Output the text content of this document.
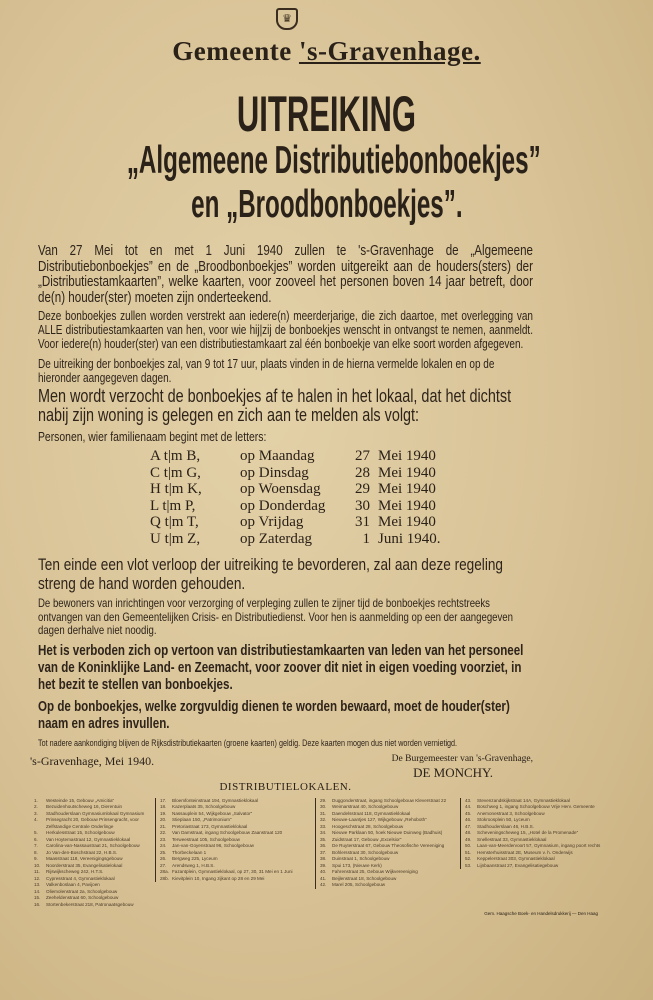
♛
Gemeente 's-Gravenhage.
UITREIKING
„Algemeene Distributiebonboekjes”
en „Broodbonboekjes”.
Van 27 Mei tot en met 1 Juni 1940 zullen te 's-Gravenhage de „Algemeene Distributiebonboekjes” en de „Broodbonboekjes” worden uitgereikt aan de houders(sters) der „Distributiestamkaarten”, welke kaarten, voor zooveel het personen boven 14 jaar betreft, door de(n) houder(ster) moeten zijn onderteekend.
Deze bonboekjes zullen worden verstrekt aan iedere(n) meerderjarige, die zich daartoe, met overlegging van ALLE distributiestamkaarten van hen, voor wie hij|zij de bonboekjes wenscht in ontvangst te nemen, aanmeldt. Voor iedere(n) houder(ster) van een distributiestamkaart zal één bonboekje van elke soort worden afgegeven.
De uitreiking der bonboekjes zal, van 9 tot 17 uur, plaats vinden in de hierna vermelde lokalen en op de hieronder aangegeven dagen.
Men wordt verzocht de bonboekjes af te halen in het lokaal, dat het dichtst nabij zijn woning is gelegen en zich aan te melden als volgt:
Personen, wier familienaam begint met de letters:
A t|m B,	op Maandag	27 Mei 1940
C t|m G,	op Dinsdag	28 Mei 1940
H t|m K,	op Woensdag	29 Mei 1940
L t|m P,	op Donderdag	30 Mei 1940
Q t|m T,	op Vrijdag	31 Mei 1940
U t|m Z,	op Zaterdag	1 Juni 1940.
Ten einde een vlot verloop der uitreiking te bevorderen, zal aan deze regeling streng de hand worden gehouden.
De bewoners van inrichtingen voor verzorging of verpleging zullen te zijner tijd de bonboekjes rechtstreeks ontvangen van den Gemeentelijken Crisis- en Distributiedienst. Voor hen is aanmelding op een der aangegeven dagen derhalve niet noodig.
Het is verboden zich op vertoon van distributiestamkaarten van leden van het personeel van de Koninklijke Land- en Zeemacht, voor zoover dit niet in eigen voeding voorziet, in het bezit te stellen van bonboekjes.
Op de bonboekjes, welke zorgvuldig dienen te worden bewaard, moet de houder(ster) naam en adres invullen.
Tot nadere aankondiging blijven de Rijksdistributiekaarten (groene kaarten) geldig. Deze kaarten mogen dus niet worden vernietigd.
's-Gravenhage, Mei 1940.	De Burgemeester van 's-Gravenhage,
DE MONCHY.
DISTRIBUTIELOKALEN.
1.	Westeinde 15, Gebouw „Amicitia”
2.	Bezuidenhoutscheweg 16, Dierentuin
3.	Stadhouderslaan Gymnasiumlokaal Gymnasium
4.	Prinsegracht 20, Gebouw Prinsengracht, voor Zelfstandige Centrale Onderlinge
5.	Herkulesstraat 15, Schoolgebouw
6.	Van Hoytemastraat 12, Gymnastieklokaal
7.	Carolina-van-Nassaustraat 21, Schoolgebouw
8.	Jo Van-den-Boschstraat 22, H.B.S.
9.	Maasstraat 118, Vereenigingsgebouw
10.	Noorderstraat 35, Evangelisatielokaal
11.	Rijswijkscheweg 242, H.T.S.
12.	Cypresstraat 4, Gymnastieklokaal
13.	Valkenboslaan 4, Pavijoen
14.	Oliemolenstraat 2a, Schoolgebouw
15.	Zeeheldenstraat 60, Schoolgebouw
16.	Stortenbekerstraat 218, Patronaatsgebouw
17.	Bloemfonteinstraat 194, Gymnastieklokaal
18.	Kazerplaats 35, Schoolgebouw
19.	Nassauplein 54, Wijkgebouw „Salvator”
20.	Stieplaan 150, „Patrimonium”
21.	Pretoriastraat 173, Gymnastieklokaal
22.	Van Damstraat, ingang Schoolgebouw Zaanstraat 120
23.	Terweestraat 105, Schoolgebouw
24.	Jan-van-Goyenstraat 96, Schoolgebouw
25.	Thorbeckelaan 1
26.	Bergweg 225, Lyceum
27.	Arendsweg 1, H.B.S.
28a. Fazantplein, Gymnastieklokaal, op 27, 30, 31 Mei en 1 Juni
28b. Kievitplein 10, Ingang zijkant op 28 en 29 Mei
29.	Duggonderstraat, ingang Schoolgebouw Kleverstraat 22
30.	Weimarstraat 40, Schoolgebouw
31.	Daendelsstraat 118, Gymnastieklokaal
32.	Nieuwe-Laantjes 127, Wijkgebouw „Rehoboth”
33.	Hoogeschstraat 28, Schoolgebouw
34.	Nieuwe Parklaan 50, hoek Nieuwe Duinweg (Badhuis)
35.	Zuidstraat 17, Gebouw „Excelsior”
36.	De Ruyterstraat 67, Gebouw Theosofische Vereeniging
37.	Bohlersstraat 30, Schoolgebouw
38.	Duinstraat 1, Schoolgebouw
39.	Spui 173, (Nieuwe Kerk)
40.	Fahrenstraat 25, Gebouw Wijkvereeniging
41.	Beijlenstraat 18, Schoolgebouw
42.	Marel 205, Schoolgebouw
43.	Stevenzandskijkstraat 14A, Gymnastieklokaal
44.	Boschweg 1, ingang Schoolgebouw Vrije Herv. Gemeente
45.	Anemonestraat 3, Schoolgebouw
46.	Stokroosplein 50, Lyceum
47.	Stadhouderslaan 46, H.B.S.
48.	Scheveningscheweg 15, „Hotel de la Promenade”
49.	Snellestraat 33, Gymnastieklokaal
50.	Laan-van-Meerdervoort 57, Gymnasium, ingang poort rechts
51.	Hemsterhuisstraat 2E, Museum v. h. Onderwijs
52.	Keppelerstraat 303, Gymnastieklokaal
53.	Lijnbaanstraat 27, Evangelisatiegebouw
Gem. Haagsche Boek- en Handelsdrukkerij — Den Haag
